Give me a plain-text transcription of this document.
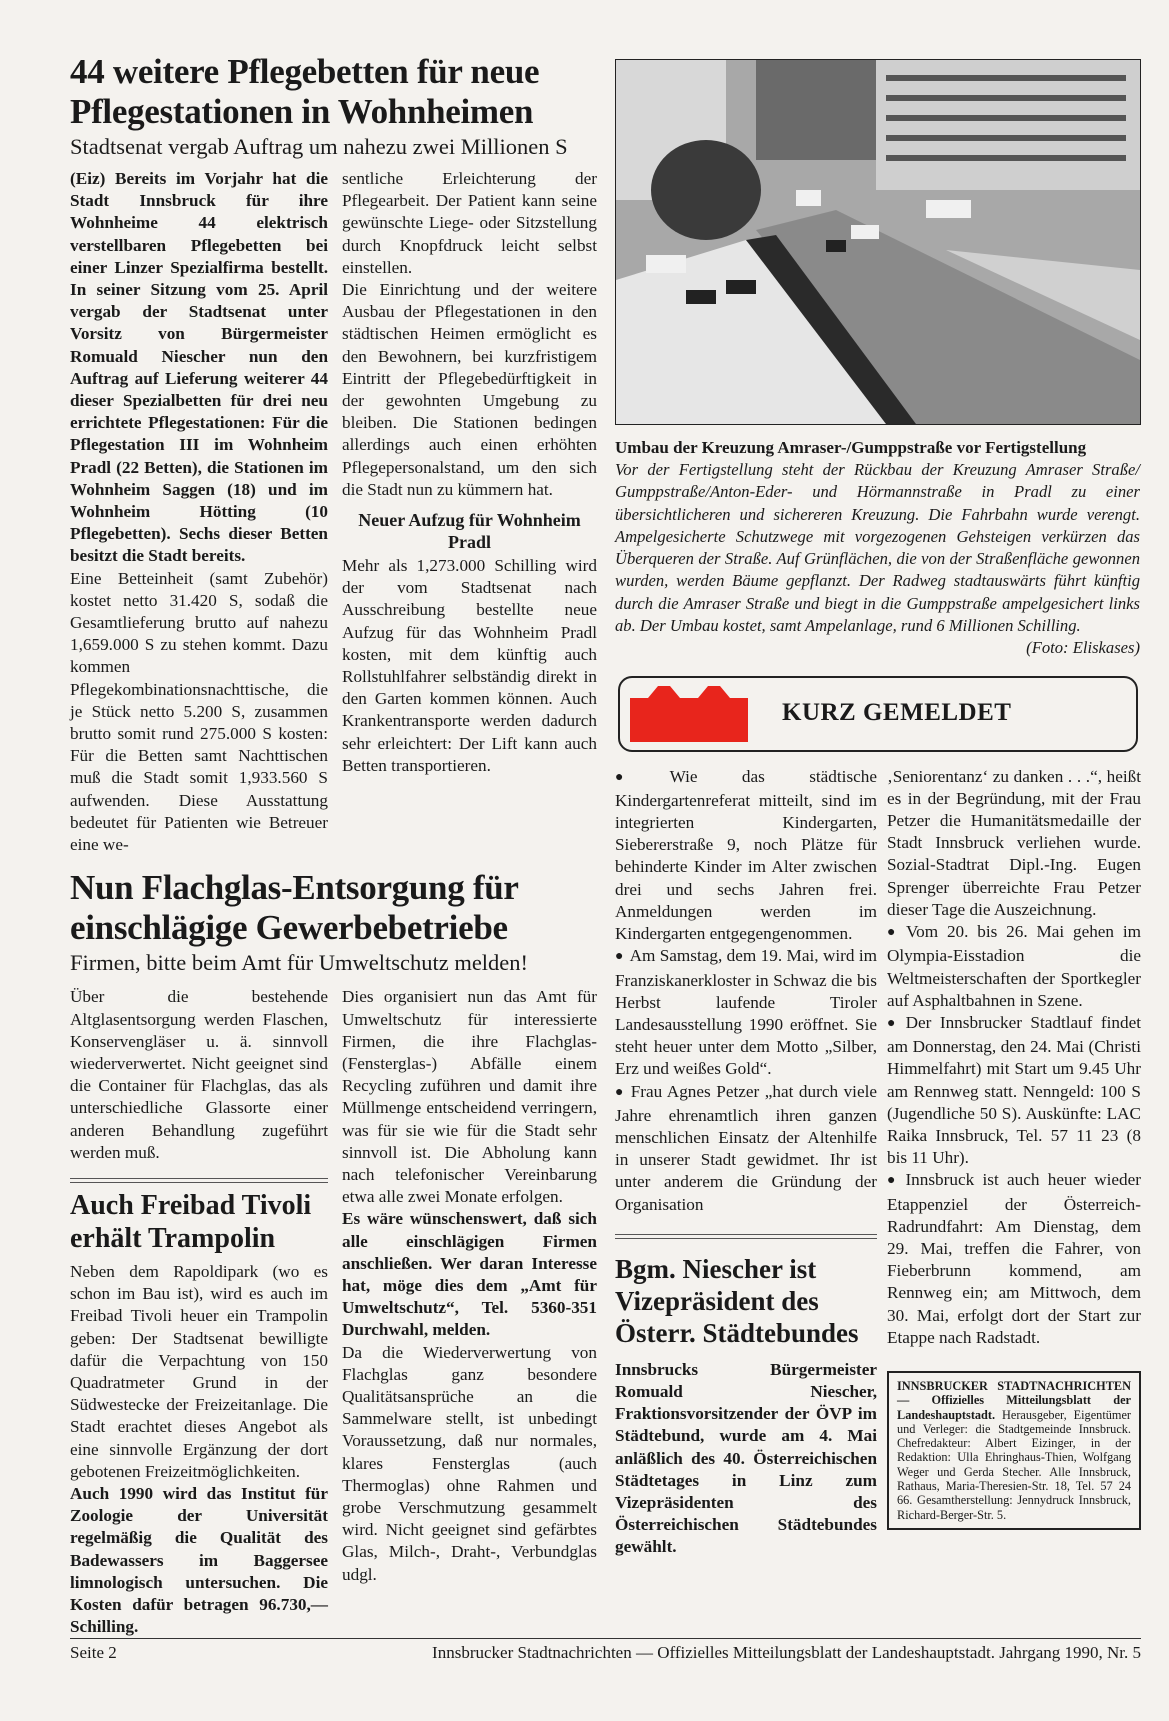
44 weitere Pflegebetten für neue Pflegestationen in Wohnheimen
Stadtsenat vergab Auftrag um nahezu zwei Millionen S

(Eiz) Bereits im Vorjahr hat die Stadt Innsbruck für ihre Wohnheime 44 elektrisch verstellbaren Pflegebetten bei einer Linzer Spezialfirma bestellt. In seiner Sitzung vom 25. April vergab der Stadtsenat unter Vorsitz von Bürgermeister Romuald Niescher nun den Auftrag auf Lieferung weiterer 44 dieser Spezialbetten für drei neu errichtete Pflegestationen: Für die Pflegestation III im Wohnheim Pradl (22 Betten), die Stationen im Wohnheim Saggen (18) und im Wohnheim Hötting (10 Pflegebetten). Sechs dieser Betten besitzt die Stadt bereits.

Eine Betteinheit (samt Zubehör) kostet netto 31.420 S, sodaß die Gesamtlieferung brutto auf nahezu 1,659.000 S zu stehen kommt. Dazu kommen Pflegekombinationsnachttische, die je Stück netto 5.200 S, zusammen brutto somit rund 275.000 S kosten: Für die Betten samt Nachttischen muß die Stadt somit 1,933.560 S aufwenden. Diese Ausstattung bedeutet für Patienten wie Betreuer eine we-

sentliche Erleichterung der Pflegearbeit. Der Patient kann seine gewünschte Liege- oder Sitzstellung durch Knopfdruck leicht selbst einstellen.

Die Einrichtung und der weitere Ausbau der Pflegestationen in den städtischen Heimen ermöglicht es den Bewohnern, bei kurzfristigem Eintritt der Pflegebedürftigkeit in der gewohnten Umgebung zu bleiben. Die Stationen bedingen allerdings auch einen erhöhten Pflegepersonalstand, um den sich die Stadt nun zu kümmern hat.

Neuer Aufzug für Wohnheim Pradl

Mehr als 1,273.000 Schilling wird der vom Stadtsenat nach Ausschreibung bestellte neue Aufzug für das Wohnheim Pradl kosten, mit dem künftig auch Rollstuhlfahrer selbständig direkt in den Garten kommen können. Auch Krankentransporte werden dadurch sehr erleichtert: Der Lift kann auch Betten transportieren.

Nun Flachglas-Entsorgung für einschlägige Gewerbebetriebe
Firmen, bitte beim Amt für Umweltschutz melden!

Über die bestehende Altglasentsorgung werden Flaschen, Konservengläser u. ä. sinnvoll wiederverwertet. Nicht geeignet sind die Container für Flachglas, das als unterschiedliche Glassorte einer anderen Behandlung zugeführt werden muß.

Auch Freibad Tivoli erhält Trampolin

Neben dem Rapoldipark (wo es schon im Bau ist), wird es auch im Freibad Tivoli heuer ein Trampolin geben: Der Stadtsenat bewilligte dafür die Verpachtung von 150 Quadratmeter Grund in der Südwestecke der Freizeitanlage. Die Stadt erachtet dieses Angebot als eine sinnvolle Ergänzung der dort gebotenen Freizeitmöglichkeiten.

Auch 1990 wird das Institut für Zoologie der Universität regelmäßig die Qualität des Badewassers im Baggersee limnologisch untersuchen. Die Kosten dafür betragen 96.730,— Schilling.

Dies organisiert nun das Amt für Umweltschutz für interessierte Firmen, die ihre Flachglas- (Fensterglas-) Abfälle einem Recycling zuführen und damit ihre Müllmenge entscheidend verringern, was für sie wie für die Stadt sehr sinnvoll ist. Die Abholung kann nach telefonischer Vereinbarung etwa alle zwei Monate erfolgen.

Es wäre wünschenswert, daß sich alle einschlägigen Firmen anschließen. Wer daran Interesse hat, möge dies dem „Amt für Umweltschutz“, Tel. 5360-351 Durchwahl, melden.

Da die Wiederverwertung von Flachglas ganz besondere Qualitätsansprüche an die Sammelware stellt, ist unbedingt Voraussetzung, daß nur normales, klares Fensterglas (auch Thermoglas) ohne Rahmen und grobe Verschmutzung gesammelt wird. Nicht geeignet sind gefärbtes Glas, Milch-, Draht-, Verbundglas udgl.

Umbau der Kreuzung Amraser-/Gumppstraße vor Fertigstellung
Vor der Fertigstellung steht der Rückbau der Kreuzung Amraser Straße/ Gumppstraße/Anton-Eder- und Hörmannstraße in Pradl zu einer übersichtlicheren und sichereren Kreuzung. Die Fahrbahn wurde verengt. Ampelgesicherte Schutzwege mit vorgezogenen Gehsteigen verkürzen das Überqueren der Straße. Auf Grünflächen, die von der Straßenfläche gewonnen wurden, werden Bäume gepflanzt. Der Radweg stadtauswärts führt künftig durch die Amraser Straße und biegt in die Gumppstraße ampelgesichert links ab. Der Umbau kostet, samt Ampelanlage, rund 6 Millionen Schilling.
(Foto: Eliskases)
KURZ GEMELDET

● Wie das städtische Kindergartenreferat mitteilt, sind im integrierten Kindergarten, Siebererstraße 9, noch Plätze für behinderte Kinder im Alter zwischen drei und sechs Jahren frei. Anmeldungen werden im Kindergarten entgegengenommen.

● Am Samstag, dem 19. Mai, wird im Franziskanerkloster in Schwaz die bis Herbst laufende Tiroler Landesausstellung 1990 eröffnet. Sie steht heuer unter dem Motto „Silber, Erz und weißes Gold“.

● Frau Agnes Petzer „hat durch viele Jahre ehrenamtlich ihren ganzen menschlichen Einsatz der Altenhilfe in unserer Stadt gewidmet. Ihr ist unter anderem die Gründung der Organisation

Bgm. Niescher ist Vizepräsident des Österr. Städtebundes

Innsbrucks Bürgermeister Romuald Niescher, Fraktionsvorsitzender der ÖVP im Städtebund, wurde am 4. Mai anläßlich des 40. Österreichischen Städtetages in Linz zum Vizepräsidenten des Österreichischen Städtebundes gewählt.

‚Seniorentanz‘ zu danken . . .“, heißt es in der Begründung, mit der Frau Petzer die Humanitätsmedaille der Stadt Innsbruck verliehen wurde. Sozial-Stadtrat Dipl.-Ing. Eugen Sprenger überreichte Frau Petzer dieser Tage die Auszeichnung.

● Vom 20. bis 26. Mai gehen im Olympia-Eisstadion die Weltmeisterschaften der Sportkegler auf Asphaltbahnen in Szene.

● Der Innsbrucker Stadtlauf findet am Donnerstag, den 24. Mai (Christi Himmelfahrt) mit Start um 9.45 Uhr am Rennweg statt. Nenngeld: 100 S (Jugendliche 50 S). Auskünfte: LAC Raika Innsbruck, Tel. 57 11 23 (8 bis 11 Uhr).

● Innsbruck ist auch heuer wieder Etappenziel der Österreich-Radrundfahrt: Am Dienstag, dem 29. Mai, treffen die Fahrer, von Fieberbrunn kommend, am Rennweg ein; am Mittwoch, dem 30. Mai, erfolgt dort der Start zur Etappe nach Radstadt.

INNSBRUCKER STADTNACHRICHTEN — Offizielles Mitteilungsblatt der Landeshauptstadt. Herausgeber, Eigentümer und Verleger: die Stadtgemeinde Innsbruck. Chefredakteur: Albert Eizinger, in der Redaktion: Ulla Ehringhaus-Thien, Wolfgang Weger und Gerda Stecher. Alle Innsbruck, Rathaus, Maria-Theresien-Str. 18, Tel. 57 24 66. Gesamtherstellung: Jennydruck Innsbruck, Richard-Berger-Str. 5.
Seite 2	Innsbrucker Stadtnachrichten — Offizielles Mitteilungsblatt der Landeshauptstadt. Jahrgang 1990, Nr. 5
